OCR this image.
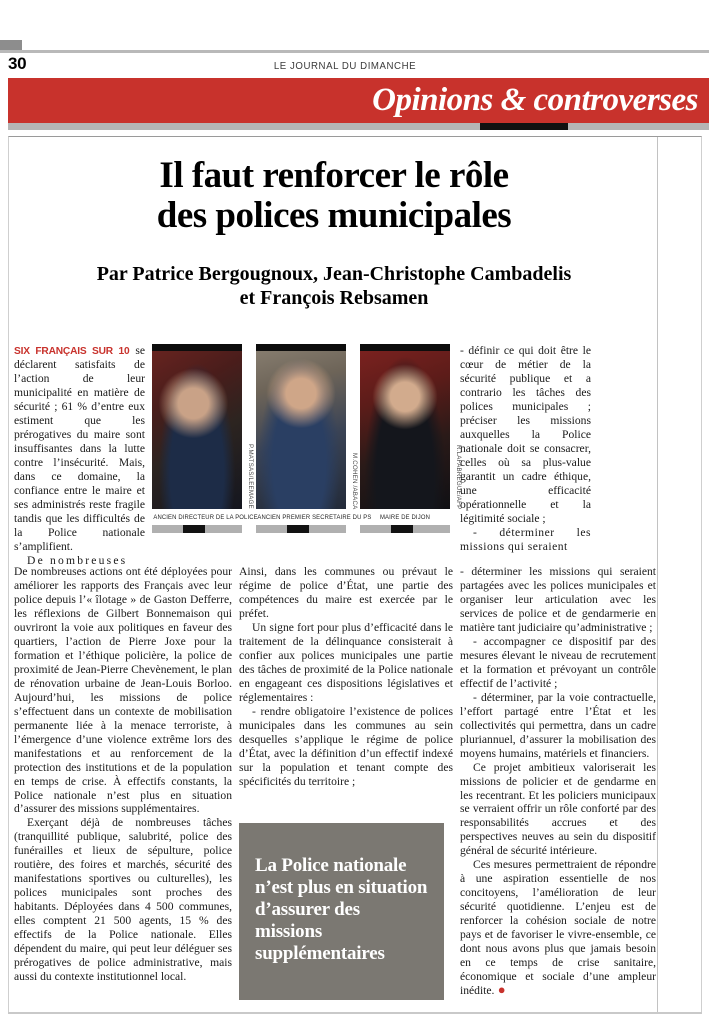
30	LE JOURNAL DU DIMANCHE
Opinions & controverses
Il faut renforcer le rôle
des polices municipales
Par Patrice Bergougnoux, Jean-Christophe Cambadelis
et François Rebsamen
P.MATSAS/LEEMAGE
ANCIEN DIRECTEUR DE LA POLICE
M.COHEN /ABACA
ANCIEN PREMIER SECRÉTAIRE DU PS
R.LAFABREGUE/AFP
MAIRE DE DIJON

SIX FRANÇAIS SUR 10 se déclarent satisfaits de l’action de leur municipalité en matière de sécurité ; 61 % d’entre eux estiment que les prérogatives du maire sont insuffisantes dans la lutte contre l’insécurité. Mais, dans ce domaine, la confiance entre le maire et ses administrés reste fragile tandis que les difficultés de la Police nationale s’amplifient.

De nombreuses

De nombreuses actions ont été déployées pour améliorer les rapports des Français avec leur police depuis l’« îlotage » de Gaston Defferre, les réflexions de Gilbert Bonnemaison qui ouvriront la voie aux politiques en faveur des quartiers, l’action de Pierre Joxe pour la formation et l’éthique policière, la police de proximité de Jean-Pierre Chevènement, le plan de rénovation urbaine de Jean-Louis Borloo. Aujourd’hui, les missions de police s’effectuent dans un contexte de mobilisation permanente liée à la menace terroriste, à l’émergence d’une violence extrême lors des manifestations et au renforcement de la protection des institutions et de la population en temps de crise. À effectifs constants, la Police nationale n’est plus en situation d’assurer des missions supplémentaires.

Exerçant déjà de nombreuses tâches (tranquillité publique, salubrité, police des funérailles et lieux de sépulture, police routière, des foires et marchés, sécurité des manifestations sportives ou culturelles), les polices municipales sont proches des habitants. Déployées dans 4 500 communes, elles comptent 21 500 agents, 15 % des effectifs de la Police nationale. Elles dépendent du maire, qui peut leur déléguer ses prérogatives de police administrative, mais aussi du contexte institutionnel local.

Ainsi, dans les communes ou prévaut le régime de police d’État, une partie des compétences du maire est exercée par le préfet.

Un signe fort pour plus d’efficacité dans le traitement de la délinquance consisterait à confier aux polices municipales une partie des tâches de proximité de la Police nationale en engageant ces dispositions législatives et réglementaires :

- rendre obligatoire l’existence de polices municipales dans les communes au sein desquelles s’applique le régime de police d’État, avec la définition d’un effectif indexé sur la population et tenant compte des spécificités du territoire ;

- définir ce qui doit être le cœur de métier de la sécurité publique et a contrario les tâches des polices municipales ; préciser les missions auxquelles la Police nationale doit se consacrer, celles où sa plus-value garantit un cadre éthique, une efficacité opérationnelle et la légitimité sociale ;

- déterminer les missions qui seraient

- déterminer les missions qui seraient partagées avec les polices municipales et organiser leur articulation avec les services de police et de gendarmerie en matière tant judiciaire qu’administrative ;

- accompagner ce dispositif par des mesures élevant le niveau de recrutement et la formation et prévoyant un contrôle effectif de l’activité ;

- déterminer, par la voie contractuelle, l’effort partagé entre l’État et les collectivités qui permettra, dans un cadre pluriannuel, d’assurer la mobilisation des moyens humains, matériels et financiers.

Ce projet ambitieux valoriserait les missions de policier et de gendarme en les recentrant. Et les policiers municipaux se verraient offrir un rôle conforté par des responsabilités accrues et des perspectives neuves au sein du dispositif général de sécurité intérieure.

Ces mesures permettraient de répondre à une aspiration essentielle de nos concitoyens, l’amélioration de leur sécurité quotidienne. L’enjeu est de renforcer la cohésion sociale de notre pays et de favoriser le vivre-ensemble, ce dont nous avons plus que jamais besoin en ce temps de crise sanitaire, économique et sociale d’une ampleur inédite. ●

La Police nationale n’est plus en situation d’assurer des missions supplémentaires
